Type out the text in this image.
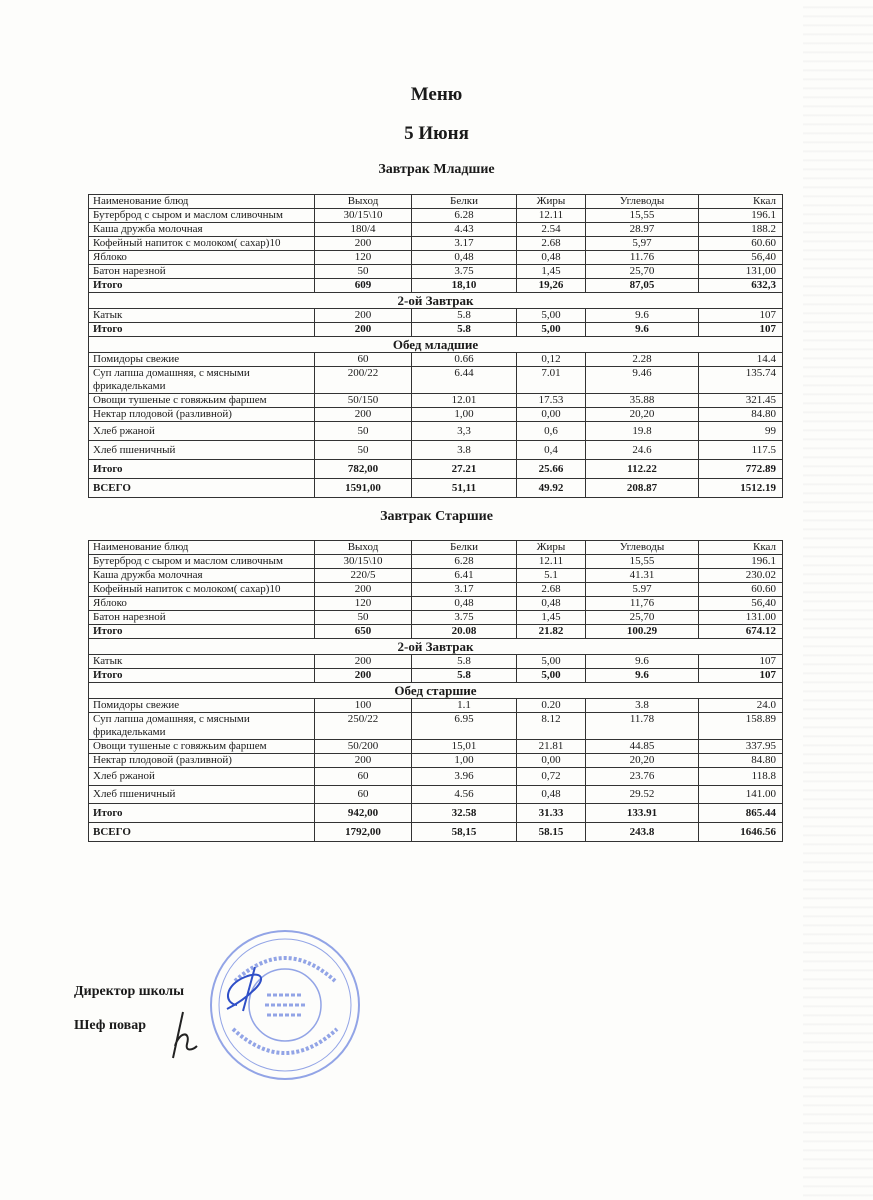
Меню
5 Июня
Завтрак Младшие
Наименование блюд	Выход	Белки	Жиры	Углеводы	Ккал
Бутерброд с сыром и маслом сливочным	30/15\10	6.28	12.11	15,55	196.1
Каша дружба молочная	180/4	4.43	2.54	28.97	188.2
Кофейный напиток с молоком( сахар)10	200	3.17	2.68	5,97	60.60
Яблоко	120	0,48	0,48	11.76	56,40
Батон нарезной	50	3.75	1,45	25,70	131,00
Итого	609	18,10	19,26	87,05	632,3
2-ой Завтрак					
Катык	200	5.8	5,00	9.6	107
Итого	200	5.8	5,00	9.6	107
Обед младшие					
Помидоры свежие	60	0.66	0,12	2.28	14.4
Суп лапша домашняя, с мясными фрикадельками	200/22	6.44	7.01	9.46	135.74
Овощи тушеные с говяжьим фаршем	50/150	12.01	17.53	35.88	321.45
Нектар плодовой (разливной)	200	1,00	0,00	20,20	84.80
Хлеб ржаной	50	3,3	0,6	19.8	99
Хлеб пшеничный	50	3.8	0,4	24.6	117.5
Итого	782,00	27.21	25.66	112.22	772.89
ВСЕГО	1591,00	51,11	49.92	208.87	1512.19
Завтрак Старшие
Наименование блюд	Выход	Белки	Жиры	Углеводы	Ккал
Бутерброд с сыром и маслом сливочным	30/15\10	6.28	12.11	15,55	196.1
Каша дружба молочная	220/5	6.41	5.1	41.31	230.02
Кофейный напиток с молоком( сахар)10	200	3.17	2.68	5.97	60.60
Яблоко	120	0,48	0,48	11,76	56,40
Батон нарезной	50	3.75	1,45	25,70	131.00
Итого	650	20.08	21.82	100.29	674.12
2-ой Завтрак					
Катык	200	5.8	5,00	9.6	107
Итого	200	5.8	5,00	9.6	107
Обед старшие					
Помидоры свежие	100	1.1	0.20	3.8	24.0
Суп лапша домашняя, с мясными фрикадельками	250/22	6.95	8.12	11.78	158.89
Овощи тушеные с говяжьим фаршем	50/200	15,01	21.81	44.85	337.95
Нектар плодовой (разливной)	200	1,00	0,00	20,20	84.80
Хлеб ржаной	60	3.96	0,72	23.76	118.8
Хлеб пшеничный	60	4.56	0,48	29.52	141.00
Итого	942,00	32.58	31.33	133.91	865.44
ВСЕГО	1792,00	58,15	58.15	243.8	1646.56
Директор школы
Шеф повар
